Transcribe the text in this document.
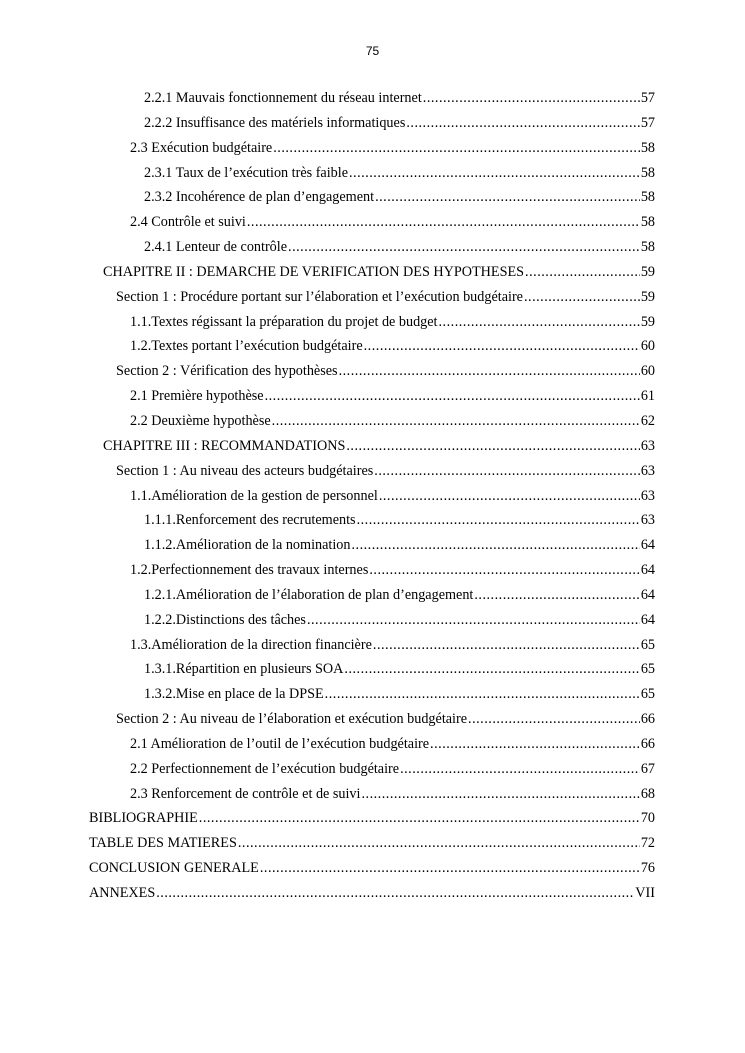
75
2.2.1 Mauvais fonctionnement du réseau internet .....	57
2.2.2 Insuffisance des matériels informatiques .....	57
2.3 Exécution budgétaire .....	58
2.3.1 Taux de l’exécution très faible .....	58
2.3.2 Incohérence de plan d’engagement .....	58
2.4 Contrôle et suivi .....	58
2.4.1 Lenteur de contrôle .....	58
CHAPITRE II : DEMARCHE DE VERIFICATION DES HYPOTHESES .....	59
Section 1 : Procédure portant sur l’élaboration et l’exécution budgétaire .....	59
1.1.Textes régissant la préparation du projet de budget .....	59
1.2.Textes portant l’exécution budgétaire .....	60
Section 2 : Vérification des hypothèses .....	60
2.1 Première hypothèse .....	61
2.2 Deuxième hypothèse .....	62
CHAPITRE III : RECOMMANDATIONS .....	63
Section 1 : Au niveau des acteurs budgétaires .....	63
1.1.Amélioration de la gestion de personnel .....	63
1.1.1.Renforcement des recrutements .....	63
1.1.2.Amélioration de la nomination .....	64
1.2.Perfectionnement des travaux internes .....	64
1.2.1.Amélioration de l’élaboration de plan d’engagement .....	64
1.2.2.Distinctions des tâches .....	64
1.3.Amélioration de la direction financière .....	65
1.3.1.Répartition en plusieurs SOA .....	65
1.3.2.Mise en place de la DPSE .....	65
Section 2 : Au niveau de l’élaboration et exécution budgétaire .....	66
2.1 Amélioration de l’outil de l’exécution budgétaire .....	66
2.2 Perfectionnement de l’exécution budgétaire .....	67
2.3 Renforcement de contrôle et de suivi .....	68
BIBLIOGRAPHIE .....	70
TABLE DES MATIERES .....	72
CONCLUSION GENERALE .....	76
ANNEXES .....	VII
